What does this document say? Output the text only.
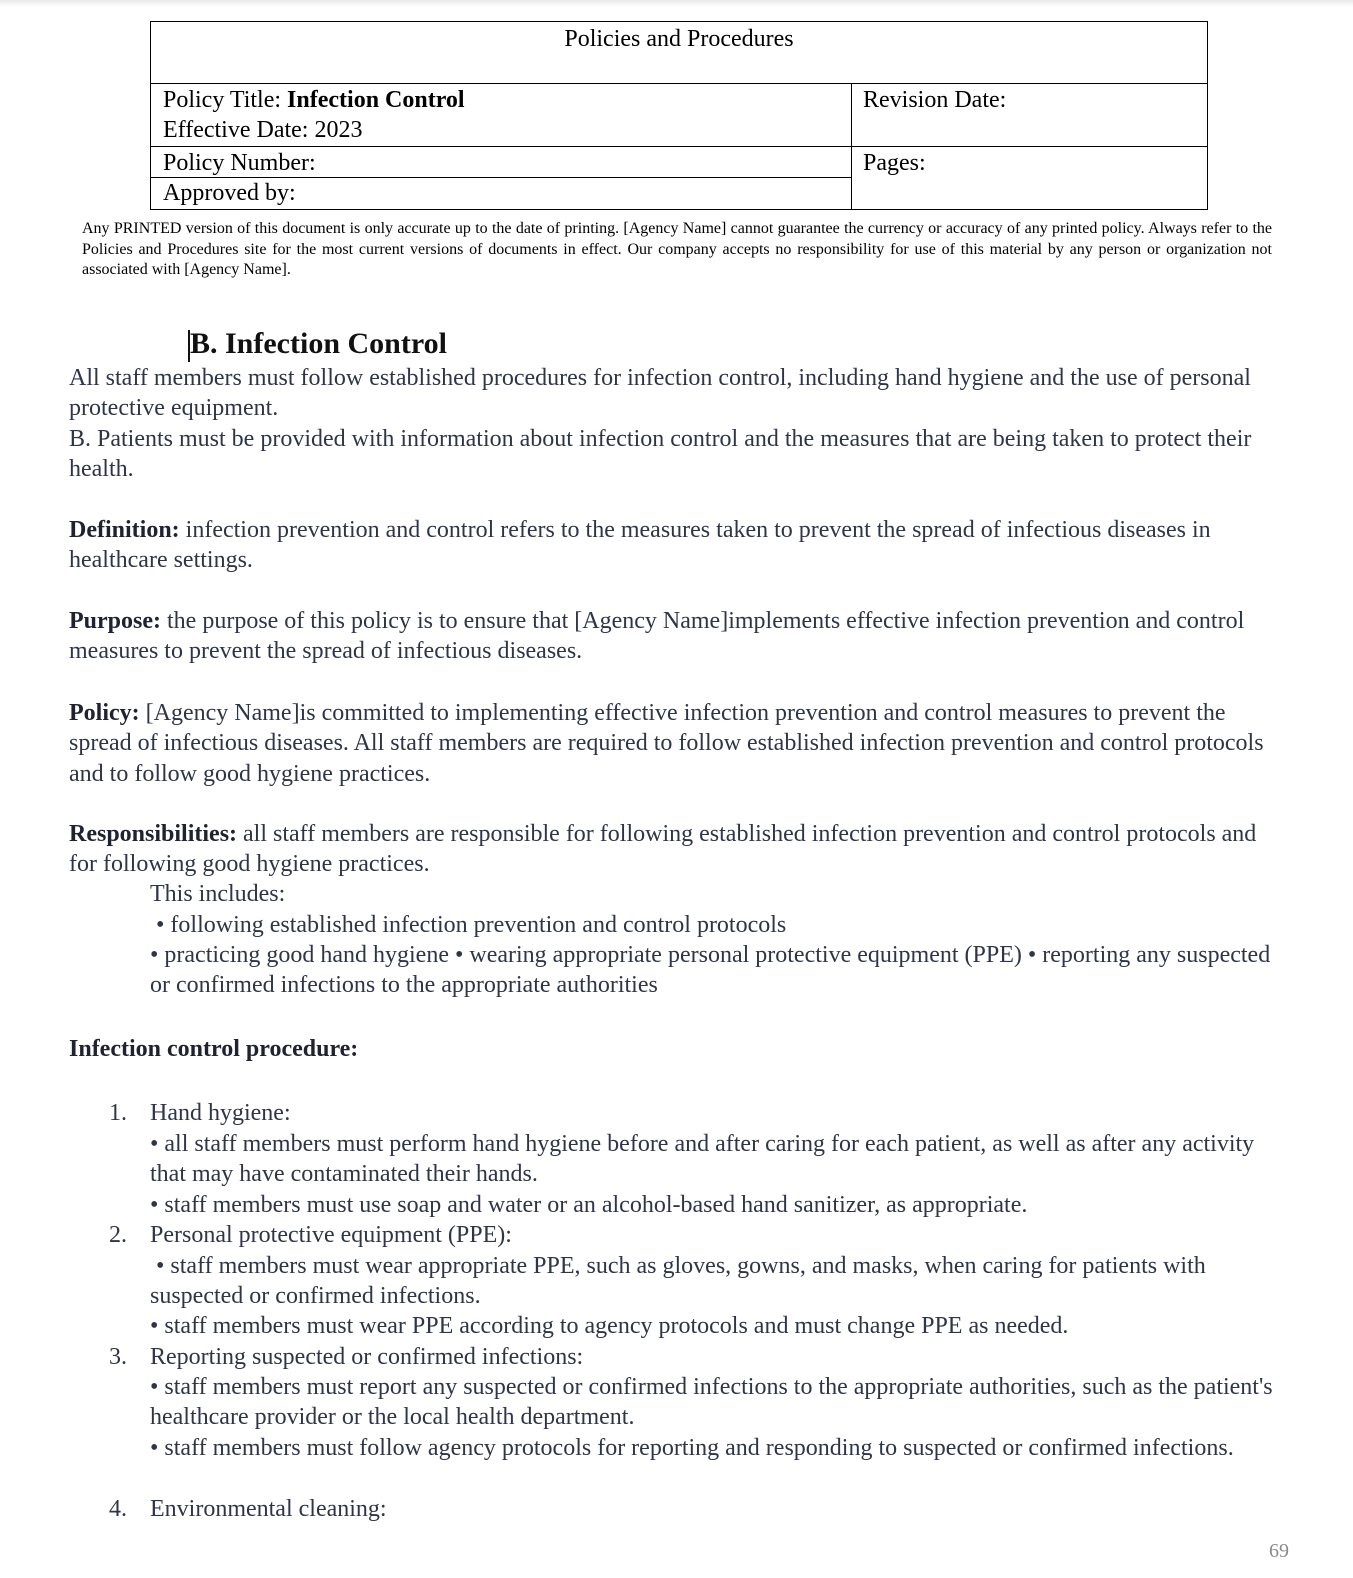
Policies and Procedures
Policy Title: Infection Control
Effective Date: 2023
Revision Date:
Policy Number:	Pages:
Approved by:
Any PRINTED version of this document is only accurate up to the date of printing. [Agency Name] cannot guarantee the currency or accuracy of any printed policy. Always refer to the Policies and Procedures site for the most current versions of documents in effect. Our company accepts no responsibility for use of this material by any person or organization not associated with [Agency Name].
B. Infection Control
All staff members must follow established procedures for infection control, including hand hygiene and the use of personal protective equipment.
B. Patients must be provided with information about infection control and the measures that are being taken to protect their health.
Definition: infection prevention and control refers to the measures taken to prevent the spread of infectious diseases in healthcare settings.
Purpose: the purpose of this policy is to ensure that [Agency Name]implements effective infection prevention and control measures to prevent the spread of infectious diseases.
Policy: [Agency Name]is committed to implementing effective infection prevention and control measures to prevent the spread of infectious diseases. All staff members are required to follow established infection prevention and control protocols and to follow good hygiene practices.
Responsibilities: all staff members are responsible for following established infection prevention and control protocols and for following good hygiene practices.
This includes:
• following established infection prevention and control protocols
• practicing good hand hygiene • wearing appropriate personal protective equipment (PPE) • reporting any suspected or confirmed infections to the appropriate authorities
Infection control procedure:
1. Hand hygiene:
• all staff members must perform hand hygiene before and after caring for each patient, as well as after any activity that may have contaminated their hands.
• staff members must use soap and water or an alcohol-based hand sanitizer, as appropriate.
2. Personal protective equipment (PPE):
• staff members must wear appropriate PPE, such as gloves, gowns, and masks, when caring for patients with suspected or confirmed infections.
• staff members must wear PPE according to agency protocols and must change PPE as needed.
3. Reporting suspected or confirmed infections:
• staff members must report any suspected or confirmed infections to the appropriate authorities, such as the patient's healthcare provider or the local health department.
• staff members must follow agency protocols for reporting and responding to suspected or confirmed infections.
4. Environmental cleaning:
69
